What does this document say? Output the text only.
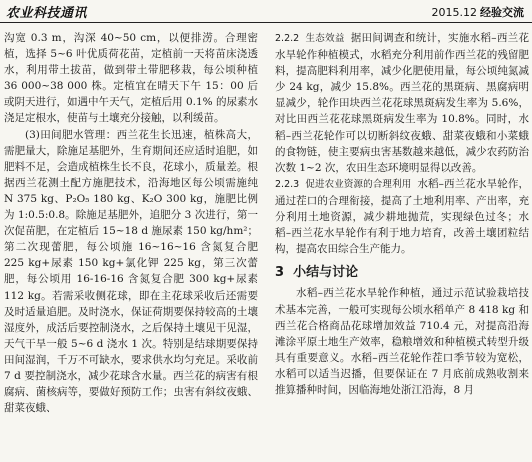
农业科技通讯	2015.12 经验交流

沟宽 0.3 m，沟深 40~50 cm，以便排涝。合理密植，选择 5~6 叶优质荷花苗，定植前一天将苗床浇透水，利用带土拔苗，做到带土带肥移栽，每公顷种植 36 000~38 000 株。定植宜在晴天下午 15：00 后或阴天进行，如遇中午天气，定植后用 0.1% 的尿素水浇足定根水，使苗与土壤充分接触，以利缓苗。

(3)田间肥水管理：西兰花生长迅速，植株高大，需肥量大，除施足基肥外，生育期间还应适时追肥，如肥料不足，会造成植株生长不良，花球小，质量差。根据西兰花测土配方施肥技术，沿海地区每公顷需施纯 N 375 kg、P₂O₅ 180 kg、K₂O 300 kg，施肥比例为 1:0.5:0.8。除施足基肥外，追肥分 3 次进行，第一次促苗肥，在定植后 15~18 d 施尿素 150 kg/hm²；第二次现蕾肥，每公顷施 16~16~16 含氮复合肥 225 kg+尿素 150 kg+氯化钾 225 kg，第三次蕾肥，每公顷用 16-16-16 含氮复合肥 300 kg+尿素 112 kg。若需采收侧花球，即在主花球采收后还需要及时适量追肥。及时浇水，保证荷期要保持较高的土壤湿度外，成活后要控制浇水，之后保持土壤见干见湿，天气干旱一般 5~6 d 浇水 1 次。特别是结球期要保持田间湿润，千万不可缺水，要求供水均匀充足。采收前 7 d 要控制浇水，减少花球含水量。西兰花的病害有根腐病、菌核病等，要做好预防工作；虫害有斜纹夜蛾、甜菜夜蛾、

2.2.2 生态效益 据田间调查和统计，实施水稻–西兰花水旱轮作种植模式，水稻充分利用前作西兰花的残留肥料，提高肥料利用率，减少化肥使用量，每公顷纯氮减少 24 kg，减少 15.8%。西兰花的黑斑病、黑腐病明显减少，轮作田块西兰花花球黑斑病发生率为 5.6%，对比田西兰花花球黑斑病发生率为 10.8%。同时，水稻–西兰花轮作可以切断斜纹夜蛾、甜菜夜蛾和小菜蛾的食物链，使主要病虫害基数越来越低，减少农药防治次数 1~2 次，农田生态环境明显得以改善。

2.2.3 促进农业资源的合理利用 水稻–西兰花水旱轮作，通过茬口的合理衔接，提高了土地利用率、产出率，充分利用土地资源，减少耕地抛荒，实现绿色过冬；水稻–西兰花水旱轮作有利于地力培育，改善土壤团粒结构，提高农田综合生产能力。

3 小结与讨论

水稻–西兰花水旱轮作种植，通过示范试验栽培技术基本完善，一般可实现每公顷水稻单产 8 418 kg 和西兰花合格商品花球增加效益 710.4 元，对提高沿海滩涂平原土地生产效率，稳粮增效和种植模式转型升级具有重要意义。水稻–西兰花轮作茬口季节较为宽松，水稻可以适当迟播，但要保证在 7 月底前成熟收割来推算播种时间，因临海地处浙江沿海，8 月
